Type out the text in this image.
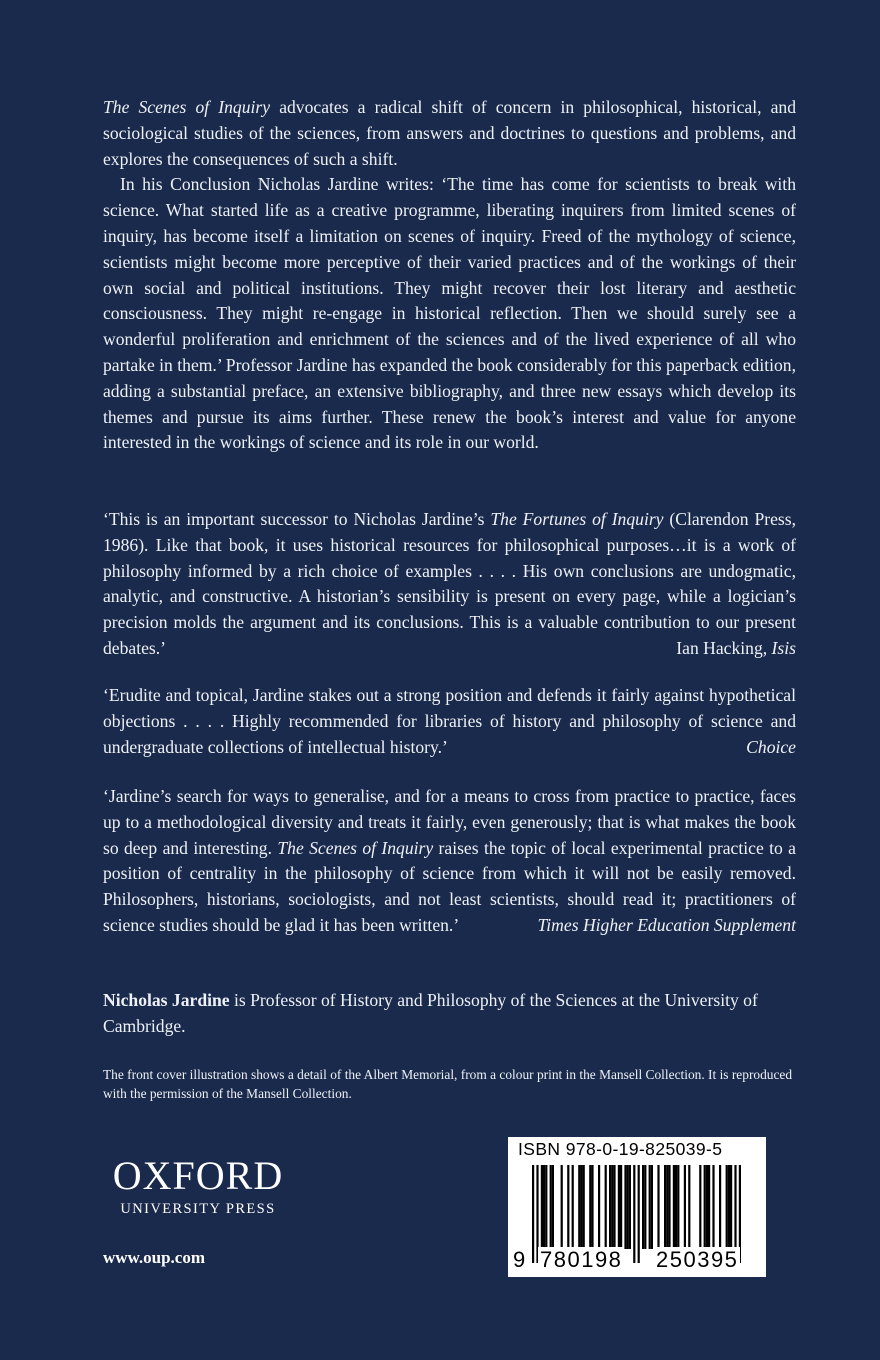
The Scenes of Inquiry advocates a radical shift of concern in philosophical, historical, and sociological studies of the sciences, from answers and doctrines to questions and problems, and explores the consequences of such a shift.

In his Conclusion Nicholas Jardine writes: ‘The time has come for scientists to break with science. What started life as a creative programme, liberating inquirers from limited scenes of inquiry, has become itself a limitation on scenes of inquiry. Freed of the mythology of science, scientists might become more perceptive of their varied practices and of the workings of their own social and political institutions. They might recover their lost literary and aesthetic consciousness. They might re-engage in historical reflection. Then we should surely see a wonderful proliferation and enrichment of the sciences and of the lived experience of all who partake in them.’ Professor Jardine has expanded the book considerably for this paperback edition, adding a substantial preface, an extensive bibliography, and three new essays which develop its themes and pursue its aims further. These renew the book’s interest and value for anyone interested in the workings of science and its role in our world.

‘This is an important successor to Nicholas Jardine’s The Fortunes of Inquiry (Clarendon Press, 1986). Like that book, it uses historical resources for philosophical purposes…it is a work of philosophy informed by a rich choice of examples . . . . His own conclusions are undogmatic, analytic, and constructive. A historian’s sensibility is present on every page, while a logician’s precision molds the argument and its conclusions. This is a valuable contribution to our present debates.’	Ian Hacking, Isis

‘Erudite and topical, Jardine stakes out a strong position and defends it fairly against hypothetical objections . . . . Highly recommended for libraries of history and philosophy of science and undergraduate collections of intellectual history.’	Choice

‘Jardine’s search for ways to generalise, and for a means to cross from practice to practice, faces up to a methodological diversity and treats it fairly, even generously; that is what makes the book so deep and interesting. The Scenes of Inquiry raises the topic of local experimental practice to a position of centrality in the philosophy of science from which it will not be easily removed. Philosophers, historians, sociologists, and not least scientists, should read it; practitioners of science studies should be glad it has been written.’	Times Higher Education Supplement

Nicholas Jardine is Professor of History and Philosophy of the Sciences at the University of Cambridge.

The front cover illustration shows a detail of the Albert Memorial, from a colour print in the Mansell Collection. It is reproduced with the permission of the Mansell Collection.

OXFORD
UNIVERSITY PRESS
www.oup.com
ISBN 978-0-19-825039-5
9 780198 250395
